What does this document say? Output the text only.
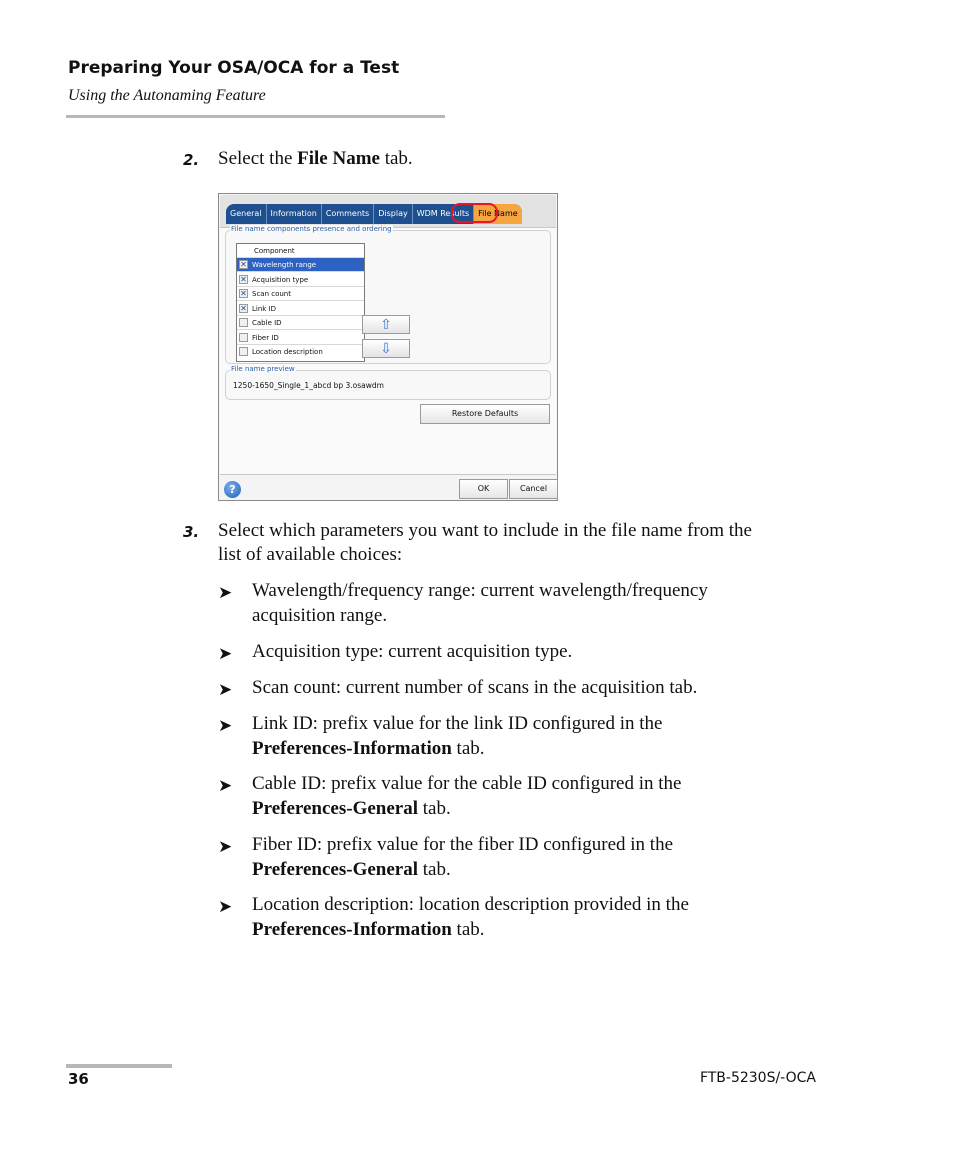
Preparing Your OSA/OCA for a Test
Using the Autonaming Feature
2. Select the File Name tab.
General	Information	Comments	Display	WDM Results	File Name
File name components presence and ordering
Component
✕ Wavelength range
✕ Acquisition type
✕ Scan count
✕ Link ID
Cable ID
Fiber ID
Location description
⇧
⇩
File name preview
1250-1650_Single_1_abcd bp 3.osawdm
Restore Defaults
?	OK	Cancel
3. Select which parameters you want to include in the file name from the
list of available choices:
➤ Wavelength/frequency range: current wavelength/frequency
acquisition range.
➤ Acquisition type: current acquisition type.
➤ Scan count: current number of scans in the acquisition tab.
➤ Link ID: prefix value for the link ID configured in the
Preferences-Information tab.
➤ Cable ID: prefix value for the cable ID configured in the
Preferences-General tab.
➤ Fiber ID: prefix value for the fiber ID configured in the
Preferences-General tab.
➤ Location description: location description provided in the
Preferences-Information tab.
36	FTB-5230S/-OCA
